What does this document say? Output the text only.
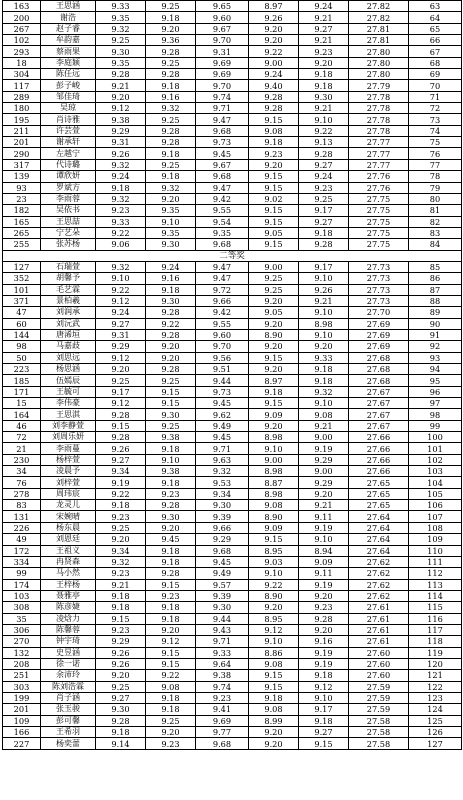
163	王思涵	9.33	9.25	9.65	8.97	9.24	27.82	63
200	谢浩	9.35	9.18	9.60	9.26	9.21	27.82	64
267	赵子睿	9.32	9.20	9.67	9.20	9.27	27.81	65
102	牟韵嘉	9.25	9.36	9.70	9.20	9.21	27.81	66
293	蔡雨果	9.30	9.28	9.31	9.22	9.23	27.80	67
18	李庭颖	9.35	9.25	9.69	9.00	9.20	27.80	68
304	陈任远	9.28	9.28	9.69	9.24	9.18	27.80	69
117	彭子峻	9.21	9.18	9.70	9.40	9.18	27.79	70
289	邹佳琦	9.20	9.16	9.74	9.28	9.30	27.78	71
180	吴琼	9.12	9.32	9.71	9.28	9.21	27.78	72
195	肖诗雅	9.38	9.25	9.47	9.15	9.10	27.78	73
211	许芸萱	9.29	9.28	9.68	9.08	9.22	27.78	74
201	谢承轩	9.31	9.28	9.73	9.18	9.13	27.77	75
290	左越宁	9.26	9.18	9.45	9.23	9.28	27.77	76
317	代诗璐	9.32	9.25	9.67	9.20	9.27	27.77	77
139	谭欣妍	9.24	9.18	9.68	9.15	9.24	27.76	78
93	罗斌方	9.18	9.32	9.47	9.15	9.23	27.76	79
23	李雨蓉	9.32	9.20	9.42	9.02	9.25	27.75	80
182	吴依书	9.23	9.35	9.55	9.15	9.17	27.75	81
165	王思喆	9.33	9.10	9.54	9.15	9.27	27.75	82
265	宁艺朵	9.22	9.35	9.35	9.05	9.18	27.75	83
255	张苏杨	9.06	9.30	9.68	9.15	9.28	27.75	84
二等奖								
127	石瑞萱	9.32	9.24	9.47	9.00	9.17	27.73	85
352	胡馨予	9.10	9.16	9.47	9.25	9.10	27.73	86
101	毛艺霖	9.22	9.18	9.72	9.25	9.26	27.73	87
371	景柏羲	9.12	9.30	9.66	9.20	9.21	27.73	88
47	刘润承	9.24	9.28	9.42	9.05	9.10	27.70	89
60	刘沅武	9.27	9.22	9.55	9.20	8.98	27.69	90
144	唐浠垣	9.31	9.28	9.60	8.90	9.10	27.69	91
98	马嘉歧	9.29	9.20	9.70	9.20	9.20	27.69	92
50	刘思远	9.12	9.20	9.56	9.15	9.33	27.68	93
223	杨思涵	9.20	9.28	9.51	9.20	9.18	27.68	94
185	伍嫣辰	9.25	9.25	9.44	8.97	9.18	27.68	95
171	王毓可	9.17	9.15	9.73	9.18	9.32	27.67	96
15	李伟豪	9.12	9.15	9.45	9.15	9.10	27.67	97
164	王思淇	9.28	9.30	9.62	9.09	9.08	27.67	98
46	刘李静萱	9.15	9.25	9.49	9.20	9.21	27.67	99
72	刘周乐妍	9.28	9.38	9.45	8.98	9.00	27.66	100
21	李雨蔓	9.26	9.18	9.71	9.10	9.19	27.66	101
230	杨梓萱	9.27	9.10	9.63	9.00	9.29	27.66	102
34	凌晨予	9.34	9.38	9.32	8.98	9.00	27.66	103
76	刘梓萱	9.19	9.18	9.53	8.87	9.29	27.65	104
278	周玮宸	9.22	9.23	9.34	8.98	9.20	27.65	105
83	龙灵儿	9.18	9.28	9.30	9.08	9.21	27.65	106
131	宋婉晴	9.23	9.30	9.39	8.90	9.11	27.64	107
226	杨东晨	9.25	9.20	9.66	9.09	9.19	27.64	108
49	刘恩廷	9.20	9.45	9.29	9.15	9.10	27.64	109
172	王祖义	9.34	9.18	9.68	8.95	8.94	27.64	110
334	冉贤森	9.32	9.18	9.45	9.03	9.09	27.62	111
99	马小然	9.23	9.28	9.49	9.10	9.11	27.62	112
174	王梓杨	9.21	9.15	9.57	9.22	9.19	27.62	113
103	聂雅亭	9.18	9.23	9.39	8.90	9.20	27.62	114
308	陈彦婕	9.18	9.18	9.30	9.20	9.23	27.61	115
35	凌焓力	9.15	9.18	9.44	8.95	9.28	27.61	116
306	陈馨蓉	9.23	9.20	9.43	9.12	9.20	27.61	117
270	钟宇琦	9.29	9.12	9.71	9.10	9.16	27.61	118
132	史昱涵	9.26	9.15	9.33	8.86	9.19	27.60	119
208	徐一诺	9.26	9.15	9.64	9.08	9.19	27.60	120
251	余沛玲	9.20	9.22	9.38	9.15	9.18	27.60	121
303	陈刘浩霖	9.25	9.08	9.74	9.15	9.12	27.59	122
199	肖子涵	9.27	9.18	9.23	9.18	9.10	27.59	123
201	张玉骏	9.30	9.18	9.41	9.08	9.17	27.59	124
109	彭可馨	9.28	9.25	9.69	8.99	9.18	27.58	125
166	王希羽	9.18	9.20	9.77	9.20	9.27	27.58	126
227	杨奕蕾	9.14	9.23	9.68	9.20	9.15	27.58	127
